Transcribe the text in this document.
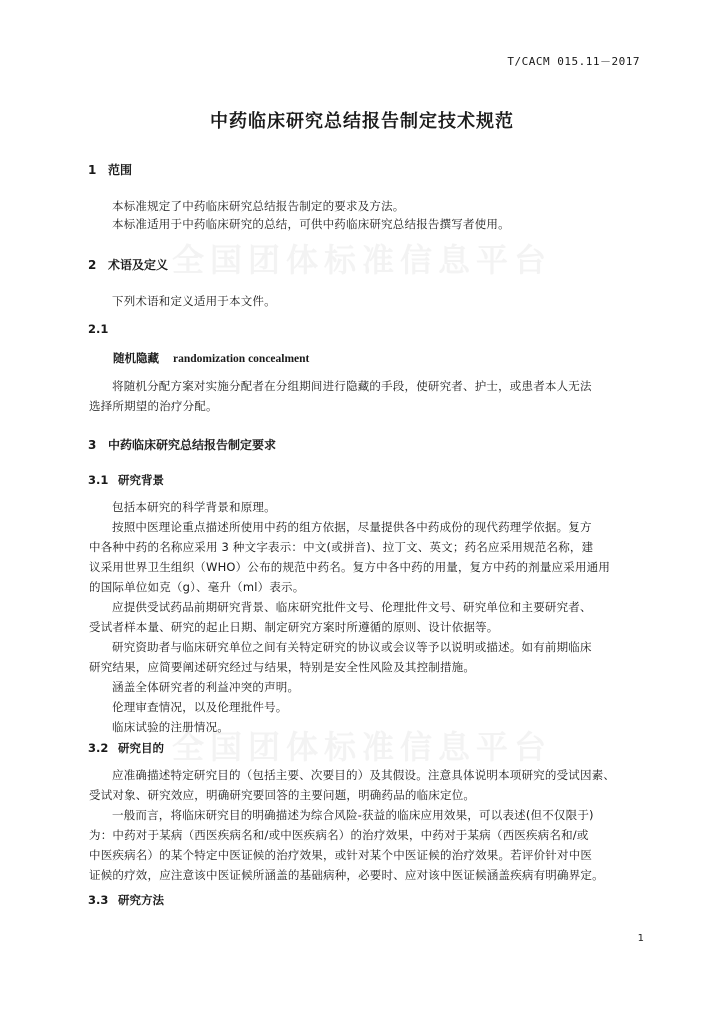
T/CACM 015.11－2017
全国团体标准信息平台
全国团体标准信息平台
中药临床研究总结报告制定技术规范
1 范围
本标准规定了中药临床研究总结报告制定的要求及方法。
本标准适用于中药临床研究的总结，可供中药临床研究总结报告撰写者使用。
2 术语及定义
下列术语和定义适用于本文件。
2.1
随机隐藏 randomization concealment
将随机分配方案对实施分配者在分组期间进行隐藏的手段，使研究者、护士，或患者本人无法
选择所期望的治疗分配。
3 中药临床研究总结报告制定要求
3.1 研究背景
包括本研究的科学背景和原理。
按照中医理论重点描述所使用中药的组方依据，尽量提供各中药成份的现代药理学依据。复方
中各种中药的名称应采用 3 种文字表示：中文(或拼音)、拉丁文、英文；药名应采用规范名称，建
议采用世界卫生组织（WHO）公布的规范中药名。复方中各中药的用量，复方中药的剂量应采用通用
的国际单位如克（g）、毫升（ml）表示。
应提供受试药品前期研究背景、临床研究批件文号、伦理批件文号、研究单位和主要研究者、
受试者样本量、研究的起止日期、制定研究方案时所遵循的原则、设计依据等。
研究资助者与临床研究单位之间有关特定研究的协议或会议等予以说明或描述。如有前期临床
研究结果，应简要阐述研究经过与结果，特别是安全性风险及其控制措施。
涵盖全体研究者的利益冲突的声明。
伦理审查情况，以及伦理批件号。
临床试验的注册情况。
3.2 研究目的
应准确描述特定研究目的（包括主要、次要目的）及其假设。注意具体说明本项研究的受试因素、
受试对象、研究效应，明确研究要回答的主要问题，明确药品的临床定位。
一般而言，将临床研究目的明确描述为综合风险-获益的临床应用效果，可以表述(但不仅限于)
为：中药对于某病（西医疾病名和/或中医疾病名）的治疗效果，中药对于某病（西医疾病名和/或
中医疾病名）的某个特定中医证候的治疗效果，或针对某个中医证候的治疗效果。若评价针对中医
证候的疗效，应注意该中医证候所涵盖的基础病种，必要时、应对该中医证候涵盖疾病有明确界定。
3.3 研究方法
1
